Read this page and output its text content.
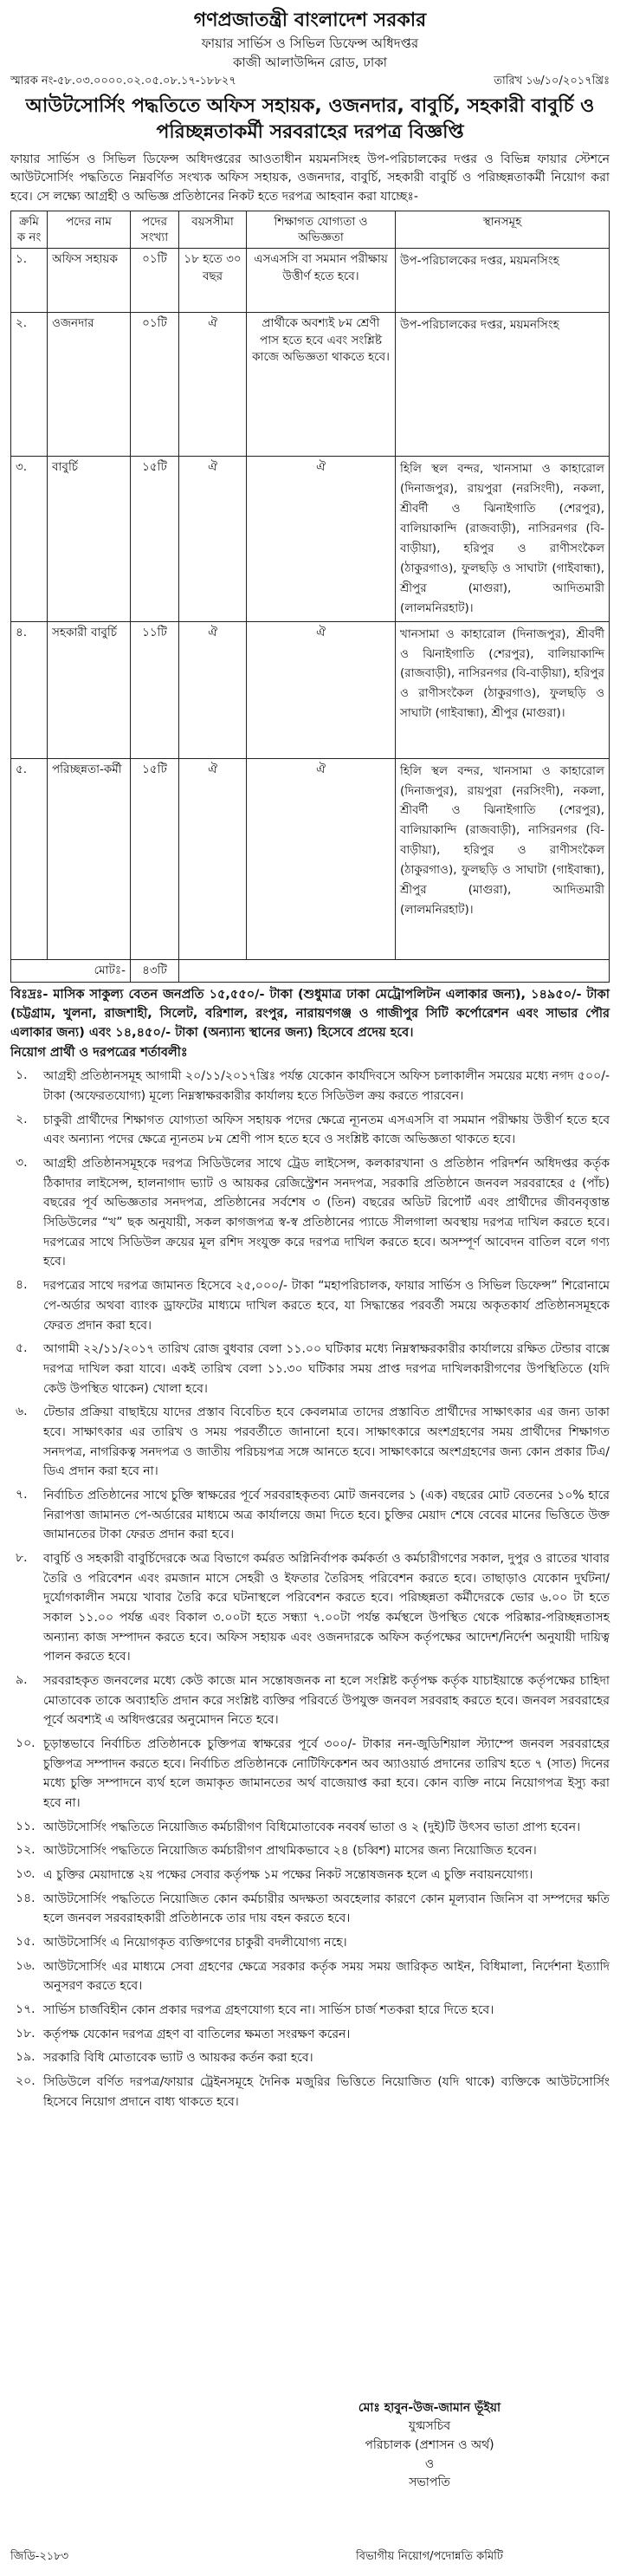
গণপ্রজাতন্ত্রী বাংলাদেশ সরকার
ফায়ার সার্ভিস ও সিভিল ডিফেন্স অধিদপ্তর
কাজী আলাউদ্দিন রোড, ঢাকা
স্মারক নং-৫৮.০৩.০০০০.০২.০৫.০৮.১৭-১৮৮২৭	তারিখ ১৬/১০/২০১৭খ্রিঃ
আউটসোর্সিং পদ্ধতিতে অফিস সহায়ক, ওজনদার, বাবুর্চি, সহকারী বাবুর্চি ও পরিচ্ছন্নতাকর্মী সরবরাহের দরপত্র বিজ্ঞপ্তি
ফায়ার সার্ভিস ও সিভিল ডিফেন্স অধিদপ্তরের আওতাধীন ময়মনসিংহ উপ-পরিচালকের দপ্তর ও বিভিন্ন ফায়ার স্টেশনে আউটসোর্সিং পদ্ধতিতে নিম্নবর্ণিত সংখ্যক অফিস সহায়ক, ওজনদার, বাবুর্চি, সহকারী বাবুর্চি ও পরিচ্ছন্নতাকর্মী নিয়োগ করা হবে। সে লক্ষ্যে আগ্রহী ও অভিজ্ঞ প্রতিষ্ঠানের নিকট হতে দরপত্র আহবান করা যাচ্ছেঃ-
ক্রমি ক নং	পদের নাম	পদের সংখ্যা	বয়সসীমা	শিক্ষাগত যোগ্যতা ও অভিজ্ঞতা	স্থানসমূহ
১.	অফিস সহায়ক	০১টি	১৮ হতে ৩০ বছর	এসএসসি বা সমমান পরীক্ষায় উত্তীর্ণ হতে হবে।	উপ-পরিচালকের দপ্তর, ময়মনসিংহ
২.	ওজনদার	০১টি	ঐ	প্রার্থীকে অবশ্যই ৮ম শ্রেণী পাস হতে হবে এবং সংশ্লিষ্ট কাজে অভিজ্ঞতা থাকতে হবে।	উপ-পরিচালকের দপ্তর, ময়মনসিংহ
৩.	বাবুর্চি	১৫টি	ঐ	ঐ	হিলি স্থল বন্দর, খানসামা ও কাহারোল (দিনাজপুর), রায়পুরা (নরসিংদী), নকলা, শ্রীবর্দী ও ঝিনাইগাতি (শেরপুর), বালিয়াকান্দি (রাজবাড়ী), নাসিরনগর (বি-বাড়ীয়া), হরিপুর ও রাণীসংকৈল (ঠাকুরগাও), ফুলছড়ি ও সাঘাটা (গাইবান্ধা), শ্রীপুর (মাগুরা), আদিতমারী (লালমনিরহাট)।
৪.	সহকারী বাবুর্চি	১১টি	ঐ	ঐ	খানসামা ও কাহারোল (দিনাজপুর), শ্রীবর্দী ও ঝিনাইগাতি (শেরপুর), বালিয়াকান্দি (রাজবাড়ী), নাসিরনগর (বি-বাড়ীয়া), হরিপুর ও রাণীসংকৈল (ঠাকুরগাও), ফুলছড়ি ও সাঘাটা (গাইবান্ধা), শ্রীপুর (মাগুরা)।
৫.	পরিচ্ছন্নতা-কর্মী	১৫টি	ঐ	ঐ	হিলি স্থল বন্দর, খানসামা ও কাহারোল (দিনাজপুর), রায়পুরা (নরসিংদী), নকলা, শ্রীবর্দী ও ঝিনাইগাতি (শেরপুর), বালিয়াকান্দি (রাজবাড়ী), নাসিরনগর (বি-বাড়ীয়া), হরিপুর ও রাণীসংকৈল (ঠাকুরগাও), ফুলছড়ি ও সাঘাটা (গাইবান্ধা), শ্রীপুর (মাগুরা), আদিতমারী (লালমনিরহাট)।
মোটঃ-		৪৩টি			
বিঃদ্রঃ- মাসিক সাকুল্য বেতন জনপ্রতি ১৫,৫৫০/- টাকা (শুধুমাত্র ঢাকা মেট্রোপলিটন এলাকার জন্য), ১৪৯৫০/- টাকা (চট্টগ্রাম, খুলনা, রাজশাহী, সিলেট, বরিশাল, রংপুর, নারায়ণগঞ্জ ও গাজীপুর সিটি কর্পোরেশন এবং সাভার পৌর এলাকার জন্য) এবং ১৪,৪৫০/- টাকা (অন্যান্য স্থানের জন্য) হিসেবে প্রদেয় হবে।
নিয়োগ প্রার্থী ও দরপত্রের শর্তাবলীঃ
১.	আগ্রহী প্রতিষ্ঠানসমূহ আগামী ২০/১১/২০১৭খ্রিঃ পর্যন্ত যেকোন কার্যদিবসে অফিস চলাকালীন সময়ের মধ্যে নগদ ৫০০/- টাকা (অফেরতযোগ্য) মূল্যে নিম্নস্বাক্ষরকারীর কার্যালয় হতে সিডিউল ক্রয় করতে পারবেন।
২.	চাকুরী প্রার্থীদের শিক্ষাগত যোগ্যতা অফিস সহায়ক পদের ক্ষেত্রে ন্যূনতম এসএসসি বা সমমান পরীক্ষায় উত্তীর্ণ হতে হবে এবং অন্যান্য পদের ক্ষেত্রে ন্যূনতম ৮ম শ্রেণী পাস হতে হবে ও সংশ্লিষ্ট কাজে অভিজ্ঞতা থাকতে হবে।
৩.	আগ্রহী প্রতিষ্ঠানসমূহকে দরপত্র সিডিউলের সাথে ট্রেড লাইসেন্স, কলকারখানা ও প্রতিষ্ঠান পরিদর্শন অধিদপ্তর কর্তৃক ঠিকাদার লাইসেন্স, হালনাগাদ ভ্যাট ও আয়কর রেজিস্ট্রেশন সনদপত্র, সরকারি প্রতিষ্ঠানে জনবল সরবরাহের ৫ (পাঁচ) বছরের পূর্ব অভিজ্ঞতার সনদপত্র, প্রতিষ্ঠানের সর্বশেষ ৩ (তিন) বছরের অডিট রিপোর্ট এবং প্রার্থীদের জীবনবৃত্তান্ত সিডিউলের “খ” ছক অনুযায়ী, সকল কাগজপত্র স্ব-স্ব প্রতিষ্ঠানের প্যাডে সীলগালা অবস্থায় দরপত্র দাখিল করতে হবে। দরপত্রের সাথে সিডিউল ক্রয়ের মূল রশিদ সংযুক্ত করে দরপত্র দাখিল করতে হবে। অসম্পূর্ণ আবেদন বাতিল বলে গণ্য হবে।
৪.	দরপত্রের সাথে দরপত্র জামানত হিসেবে ২৫,০০০/- টাকা “মহাপরিচালক, ফায়ার সার্ভিস ও সিভিল ডিফেন্স” শিরোনামে পে-অর্ডার অথবা ব্যাংক ড্রাফটের মাধ্যমে দাখিল করতে হবে, যা সিদ্ধান্তের পরবর্তী সময়ে অকৃতকার্য প্রতিষ্ঠানসমূহকে ফেরত প্রদান করা হবে।
৫.	আগামী ২২/১১/২০১৭ তারিখ রোজ বুধবার বেলা ১১.০০ ঘটিকার মধ্যে নিম্নস্বাক্ষরকারীর কার্যালয়ে রক্ষিত টেন্ডার বাক্সে দরপত্র দাখিল করা যাবে। একই তারিখ বেলা ১১.৩০ ঘটিকার সময় প্রাপ্ত দরপত্র দাখিলকারীগণের উপস্থিতিতে (যদি কেউ উপস্থিত থাকেন) খোলা হবে।
৬.	টেন্ডার প্রক্রিয়া বাছাইয়ে যাদের প্রস্তাব বিবেচিত হবে কেবলমাত্র তাদের প্রস্তাবিত প্রার্থীদের সাক্ষাৎকার এর জন্য ডাকা হবে। সাক্ষাৎকার এর তারিখ ও সময় পরবর্তীতে জানানো হবে। সাক্ষাৎকারে অংশগ্রহণের সময় প্রার্থীদের শিক্ষাগত সনদপত্র, নাগরিকত্ব সনদপত্র ও জাতীয় পরিচয়পত্র সঙ্গে আনতে হবে। সাক্ষাৎকারে অংশগ্রহণের জন্য কোন প্রকার টিএ/ডিএ প্রদান করা হবে না।
৭.	নির্বাচিত প্রতিষ্ঠানের সাথে চুক্তি স্বাক্ষরের পূর্বে সরবরাহকৃতব্য মোট জনবলের ১ (এক) বছরের মোট বেতনের ১০% হারে নিরাপত্তা জামানত পে-অর্ডারের মাধ্যমে অত্র কার্যালয়ে জমা দিতে হবে। চুক্তির মেয়াদ শেষে বেবের মানের ভিত্তিতে উক্ত জামানতের টাকা ফেরত প্রদান করা হবে।
৮.	বাবুর্চি ও সহকারী বাবুর্চিদেরকে অত্র বিভাগে কর্মরত অগ্নিনির্বাপক কর্মকর্তা ও কর্মচারীগণের সকাল, দুপুর ও রাতের খাবার তৈরি ও পরিবেশন এবং রমজান মাসে সেহরী ও ইফতার তৈরিসহ পরিবেশন করতে হবে। তাছাড়াও যেকোন দুর্ঘটনা/দুর্যোগকালীন সময়ে খাবার তৈরি করে ঘটনাস্থলে পরিবেশন করতে হবে। পরিচ্ছন্নতা কর্মীদেরকে ভোর ৬.০০ টা হতে সকাল ১১.০০ পর্যন্ত এবং বিকাল ৩.০০টা হতে সন্ধ্যা ৭.০০টা পর্যন্ত কর্মস্থলে উপস্থিত থেকে পরিষ্কার-পরিচ্ছন্নতাসহ অন্যান্য কাজ সম্পাদন করতে হবে। অফিস সহায়ক এবং ওজনদারকে অফিস কর্তৃপক্ষের আদেশ/নির্দেশ অনুযায়ী দায়িত্ব পালন করতে হবে।
৯.	সরবরাহকৃত জনবলের মধ্যে কেউ কাজে মান সন্তোষজনক না হলে সংশ্লিষ্ট কর্তৃপক্ষ কর্তৃক যাচাইয়ান্তে কর্তৃপক্ষের চাহিদা মোতাবেক তাকে অব্যাহতি প্রদান করে সংশ্লিষ্ট ব্যক্তির পরিবর্তে উপযুক্ত জনবল সরবরাহ করতে হবে। জনবল সরবরাহের পূর্বে অবশ্যই এ অধিদপ্তরের অনুমোদন নিতে হবে।
১০. চূড়ান্তভাবে নির্বাচিত প্রতিষ্ঠানকে চুক্তিপত্র স্বাক্ষরের পূর্বে ৩০০/- টাকার নন-জুডিশিয়াল স্ট্যাম্পে জনবল সরবরাহের চুক্তিপত্র সম্পাদন করতে হবে। নির্বাচিত প্রতিষ্ঠানকে নোটিফিকেশন অব অ্যাওয়ার্ড প্রদানের তারিখ হতে ৭ (সাত) দিনের মধ্যে চুক্তি সম্পাদনে ব্যর্থ হলে জমাকৃত জামানতের অর্থ বাজেয়াপ্ত করা হবে। কোন ব্যক্তি নামে নিয়োগপত্র ইস্যু করা হবে না।
১১. আউটসোর্সিং পদ্ধতিতে নিয়োজিত কর্মচারীগণ বিধিমোতাবেক নববর্ষ ভাতা ও ২ (দুই)টি উৎসব ভাতা প্রাপ্য হবেন।
১২. আউটসোর্সিং পদ্ধতিতে নিয়োজিত কর্মচারীগণ প্রাথমিকভাবে ২৪ (চব্বিশ) মাসের জন্য নিয়োজিত হবেন।
১৩. এ চুক্তির মেয়াদান্তে ২য় পক্ষের সেবার কর্তৃপক্ষ ১ম পক্ষের নিকট সন্তোষজনক হলে এ চুক্তি নবায়নযোগ্য।
১৪. আউটসোর্সিং পদ্ধতিতে নিয়োজিত কোন কর্মচারীর অদক্ষতা অবহেলার কারণে কোন মূল্যবান জিনিস বা সম্পদের ক্ষতি হলে জনবল সরবরাহকারী প্রতিষ্ঠানকে তার দায় বহন করতে হবে।
১৫. আউটসোর্সিং এ নিয়োগকৃত ব্যক্তিগণের চাকুরী বদলীযোগ্য নহে।
১৬. আউটসোর্সিং এর মাধ্যমে সেবা গ্রহণের ক্ষেত্রে সরকার কর্তৃক সময় সময় জারিকৃত আইন, বিধিমালা, নির্দেশনা ইত্যাদি অনুসরণ করতে হবে।
১৭. সার্ভিস চার্জবিহীন কোন প্রকার দরপত্র গ্রহণযোগ্য হবে না। সার্ভিস চার্জ শতকরা হারে দিতে হবে।
১৮. কর্তৃপক্ষ যেকোন দরপত্র গ্রহণ বা বাতিলের ক্ষমতা সংরক্ষণ করেন।
১৯. সরকারি বিধি মোতাবেক ভ্যাট ও আয়কর কর্তন করা হবে।
২০. সিডিউলে বর্ণিত দরপত্র/ফায়ার ট্রেইনসমূহে দৈনিক মজুরির ভিত্তিতে নিয়োজিত (যদি থাকে) ব্যক্তিকে আউটসোর্সিং হিসেবে নিয়োগ প্রদানে বাধ্য থাকতে হবে।
মোঃ হাবুন-উজ-জামান ভূঁইয়া
যুগ্মসচিব
পরিচালক (প্রশাসন ও অর্থ)
ও
সভাপতি
জিডি-২১৮৩	বিভাগীয় নিয়োগ/পদোন্নতি কমিটি
